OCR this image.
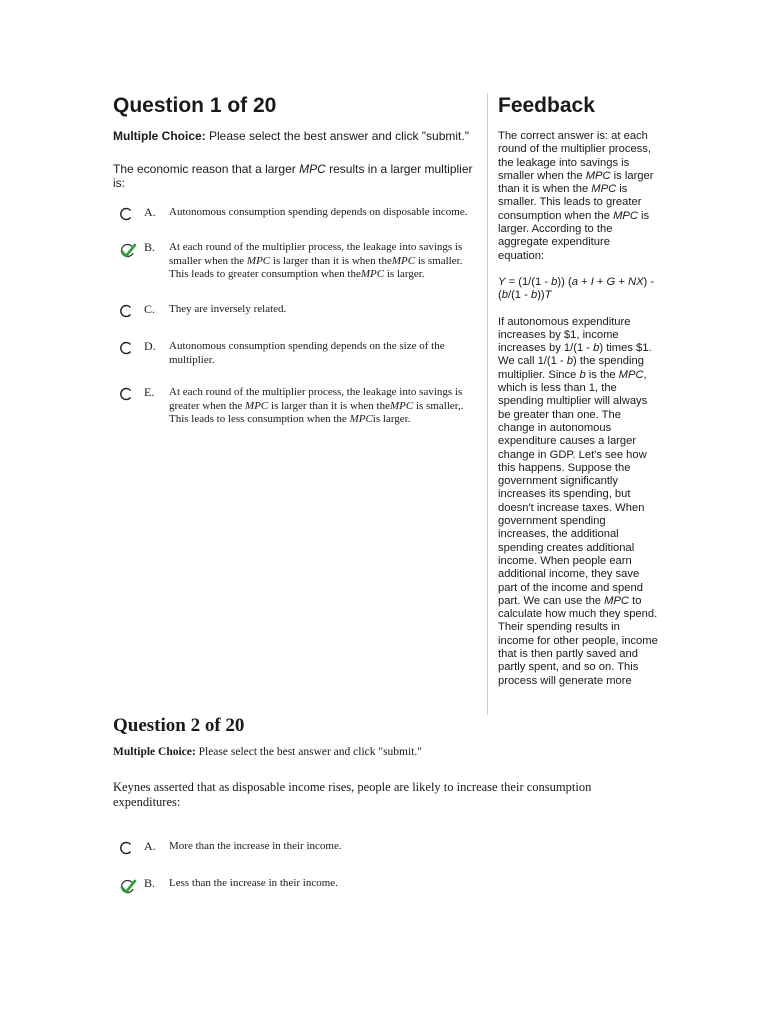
Question 1 of 20
Multiple Choice: Please select the best answer and click "submit."
The economic reason that a larger MPC results in a larger multiplier is:
A. Autonomous consumption spending depends on disposable income.
B. At each round of the multiplier process, the leakage into savings is smaller when the MPC is larger than it is when theMPC is smaller. This leads to greater consumption when theMPC is larger.
C. They are inversely related.
D. Autonomous consumption spending depends on the size of the multiplier.
E. At each round of the multiplier process, the leakage into savings is greater when the MPC is larger than it is when theMPC is smaller,. This leads to less consumption when the MPCis larger.
Feedback

The correct answer is: at each round of the multiplier process, the leakage into savings is smaller when the MPC is larger than it is when the MPC is smaller. This leads to greater consumption when the MPC is larger. According to the aggregate expenditure equation:

Y = (1/(1 - b)) (a + I + G + NX) - (b/(1 - b))T

If autonomous expenditure increases by $1, income increases by 1/(1 - b) times $1. We call 1/(1 - b) the spending multiplier. Since b is the MPC, which is less than 1, the spending multiplier will always be greater than one. The change in autonomous expenditure causes a larger change in GDP. Let's see how this happens. Suppose the government significantly increases its spending, but doesn't increase taxes. When government spending increases, the additional spending creates additional income. When people earn additional income, they save part of the income and spend part. We can use the MPC to calculate how much they spend. Their spending results in income for other people, income that is then partly saved and partly spent, and so on. This process will generate more

Question 2 of 20
Multiple Choice: Please select the best answer and click "submit."
Keynes asserted that as disposable income rises, people are likely to increase their consumption expenditures:
A. More than the increase in their income.
B. Less than the increase in their income.
